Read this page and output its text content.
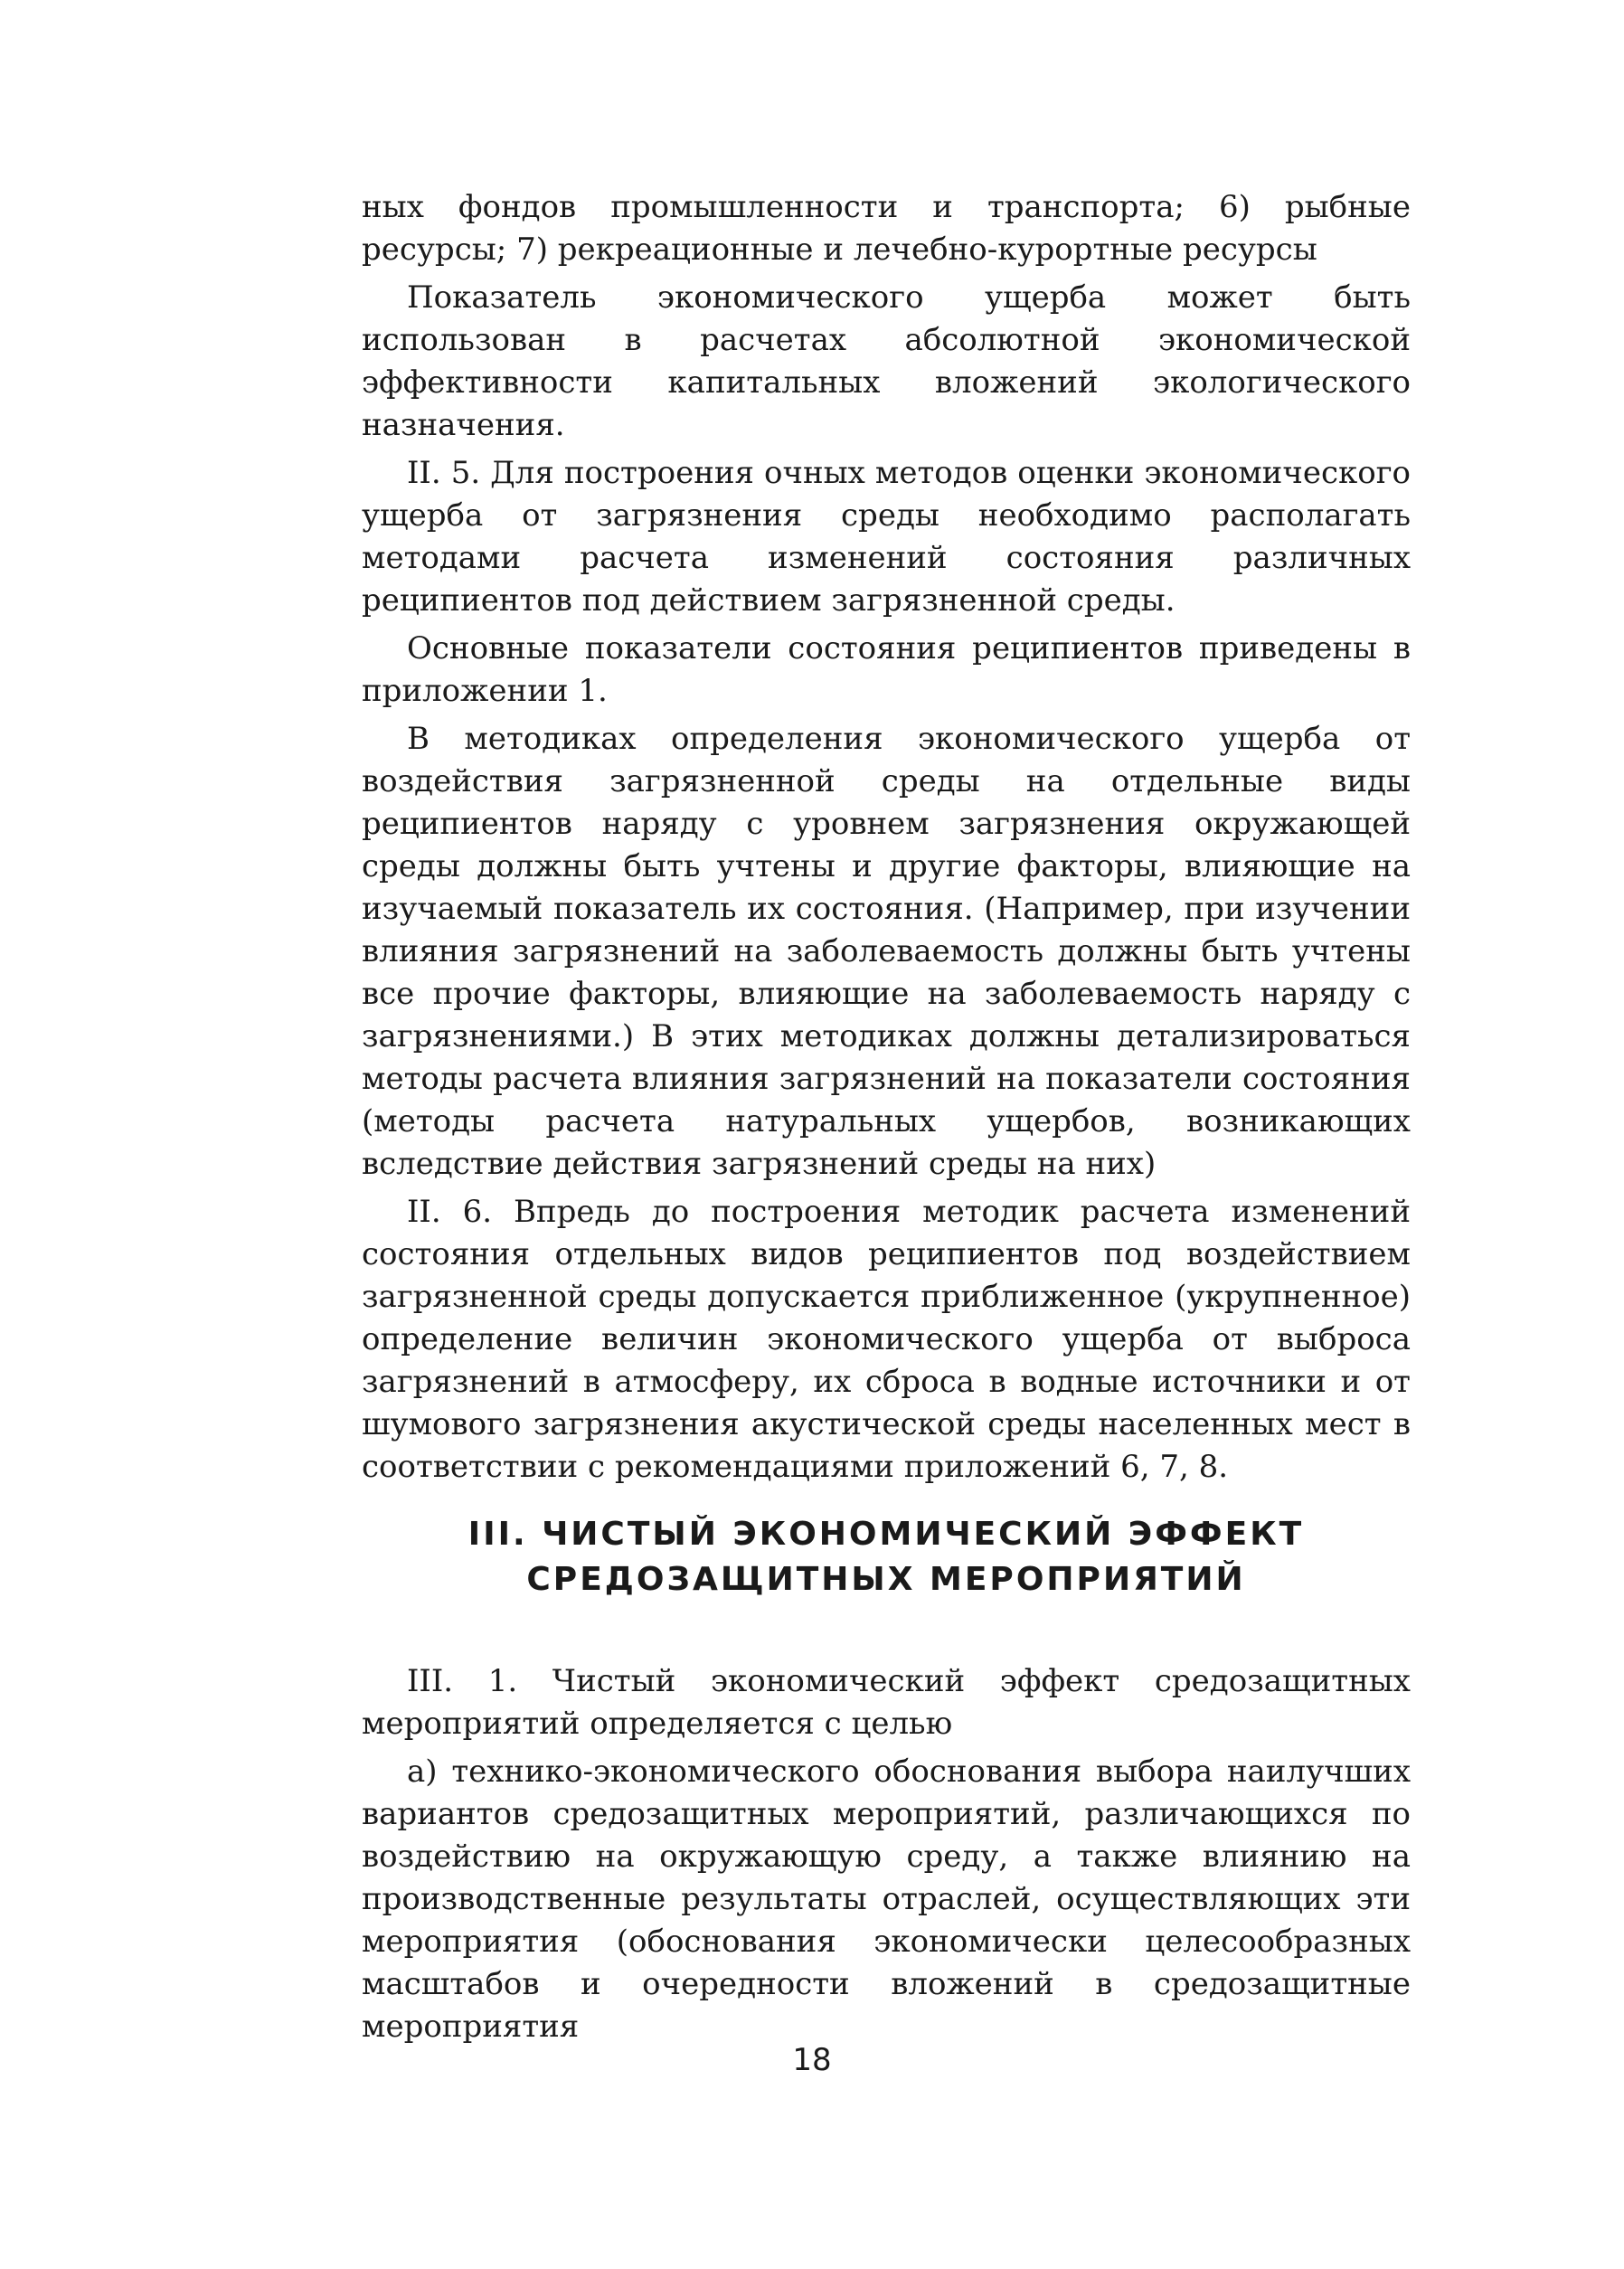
ных фондов промышленности и транспорта; 6) рыбные ресурсы; 7) рекреационные и лечебно-курортные ресурсы

Показатель экономического ущерба может быть использован в расчетах абсолютной экономической эффективности капитальных вложений экологического назначения.

II. 5. Для построения очных методов оценки экономического ущерба от загрязнения среды необходимо располагать методами расчета изменений состояния различных реципиентов под действием загрязненной среды.

Основные показатели состояния реципиентов приведены в приложении 1.

В методиках определения экономического ущерба от воздействия загрязненной среды на отдельные виды реципиентов наряду с уровнем загрязнения окружающей среды должны быть учтены и другие факторы, влияющие на изучаемый показатель их состояния. (Например, при изучении влияния загрязнений на заболеваемость должны быть учтены все прочие факторы, влияющие на заболеваемость наряду с загрязнениями.) В этих методиках должны детализироваться методы расчета влияния загрязнений на показатели состояния (методы расчета натуральных ущербов, возникающих вследствие действия загрязнений среды на них)

II. 6. Впредь до построения методик расчета изменений состояния отдельных видов реципиентов под воздействием загрязненной среды допускается приближенное (укрупненное) определение величин экономического ущерба от выброса загрязнений в атмосферу, их сброса в водные источники и от шумового загрязнения акустической среды населенных мест в соответствии с рекомендациями приложений 6, 7, 8.

III. ЧИСТЫЙ ЭКОНОМИЧЕСКИЙ ЭФФЕКТ
СРЕДОЗАЩИТНЫХ МЕРОПРИЯТИЙ

III. 1. Чистый экономический эффект средозащитных мероприятий определяется с целью

а) технико-экономического обоснования выбора наилучших вариантов средозащитных мероприятий, различающихся по воздействию на окружающую среду, а также влиянию на производственные результаты отраслей, осуществляющих эти мероприятия (обоснования экономически целесообразных масштабов и очередности вложений в средозащитные мероприятия

18
